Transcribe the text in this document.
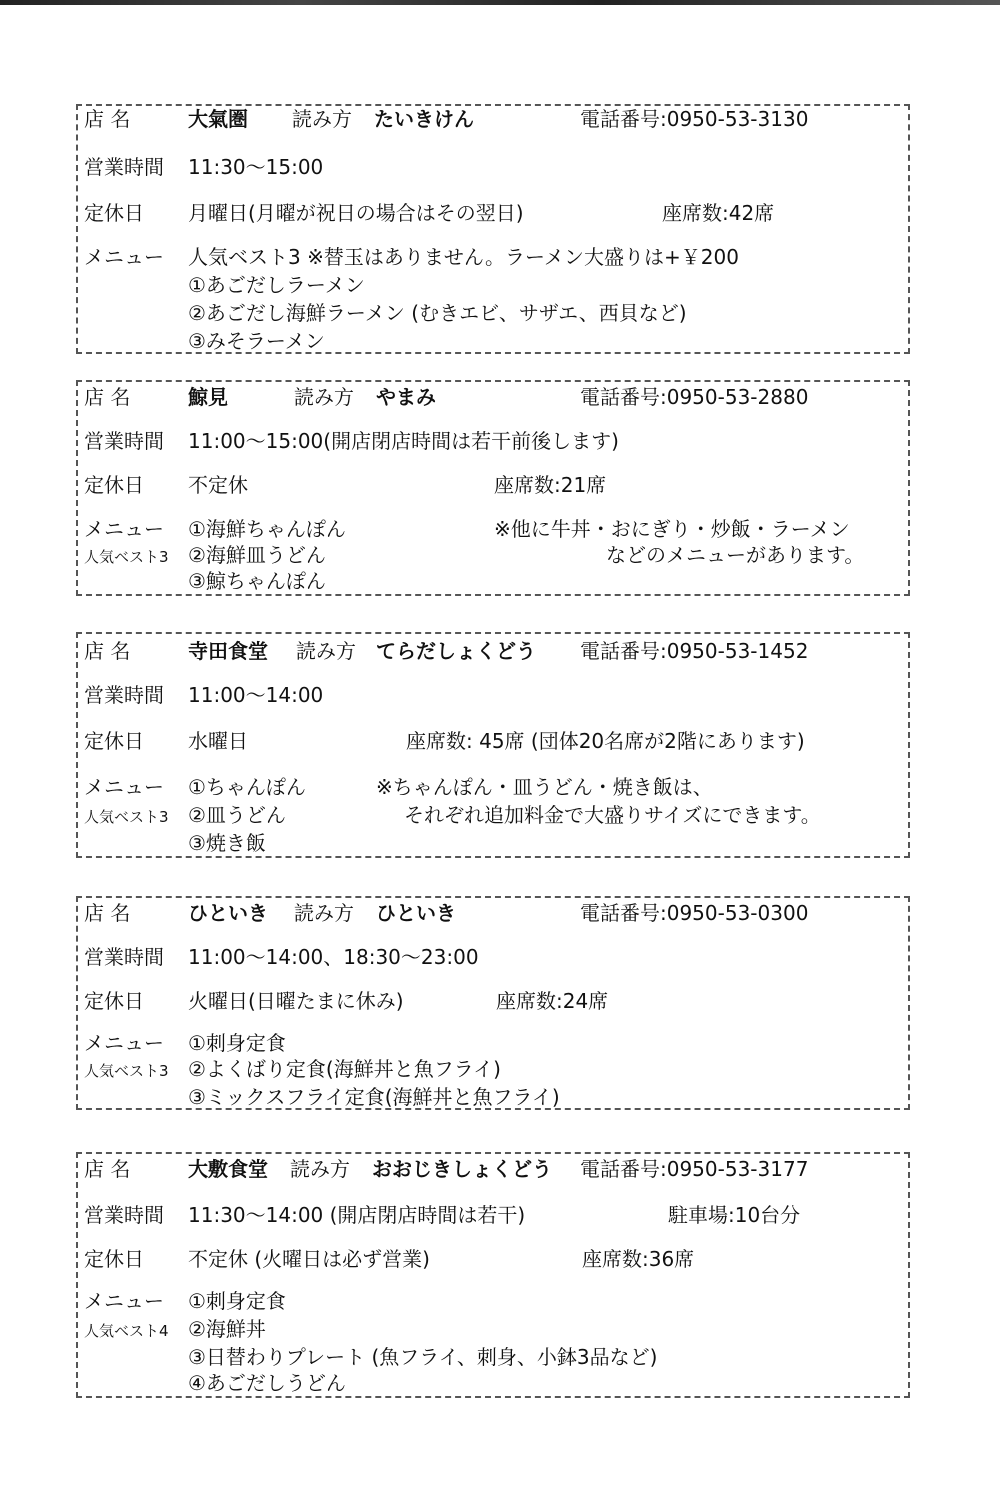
店 名	大氣圏 読み方 たいきけん	電話番号:0950-53-3130
営業時間 11:30～15:00
定休日 月曜日(月曜が祝日の場合はその翌日)	座席数:42席
メニュー 人気ベスト3 ※替玉はありません。ラーメン大盛りは+￥200
①あごだしラーメン
②あごだし海鮮ラーメン (むきエビ、サザエ、西貝など)
③みそラーメン
店 名	鯨見	読み方 やまみ	電話番号:0950-53-2880
営業時間 11:00～15:00(開店閉店時間は若干前後します)
定休日 不定休	座席数:21席
メニュー
人気ベスト3
①海鮮ちゃんぽん
②海鮮皿うどん
③鯨ちゃんぽん
※他に牛丼・おにぎり・炒飯・ラーメン
などのメニューがあります。
店 名	寺田食堂 読み方 てらだしょくどう 電話番号:0950-53-1452
営業時間 11:00～14:00
定休日 水曜日	座席数: 45席 (団体20名席が2階にあります)
メニュー
人気ベスト3
①ちゃんぽん
②皿うどん
③焼き飯
※ちゃんぽん・皿うどん・焼き飯は、
それぞれ追加料金で大盛りサイズにできます。
店 名	ひといき 読み方 ひといき	電話番号:0950-53-0300
営業時間 11:00～14:00、18:30～23:00
定休日 火曜日(日曜たまに休み)	座席数:24席
メニュー
人気ベスト3
①刺身定食
②よくばり定食(海鮮丼と魚フライ)
③ミックスフライ定食(海鮮丼と魚フライ)
店 名	大敷食堂 読み方 おおじきしょくどう 電話番号:0950-53-3177
営業時間 11:30～14:00 (開店閉店時間は若干)	駐車場:10台分
定休日 不定休 (火曜日は必ず営業)	座席数:36席
メニュー
人気ベスト4
①刺身定食
②海鮮丼
③日替わりプレート (魚フライ、刺身、小鉢3品など)
④あごだしうどん
